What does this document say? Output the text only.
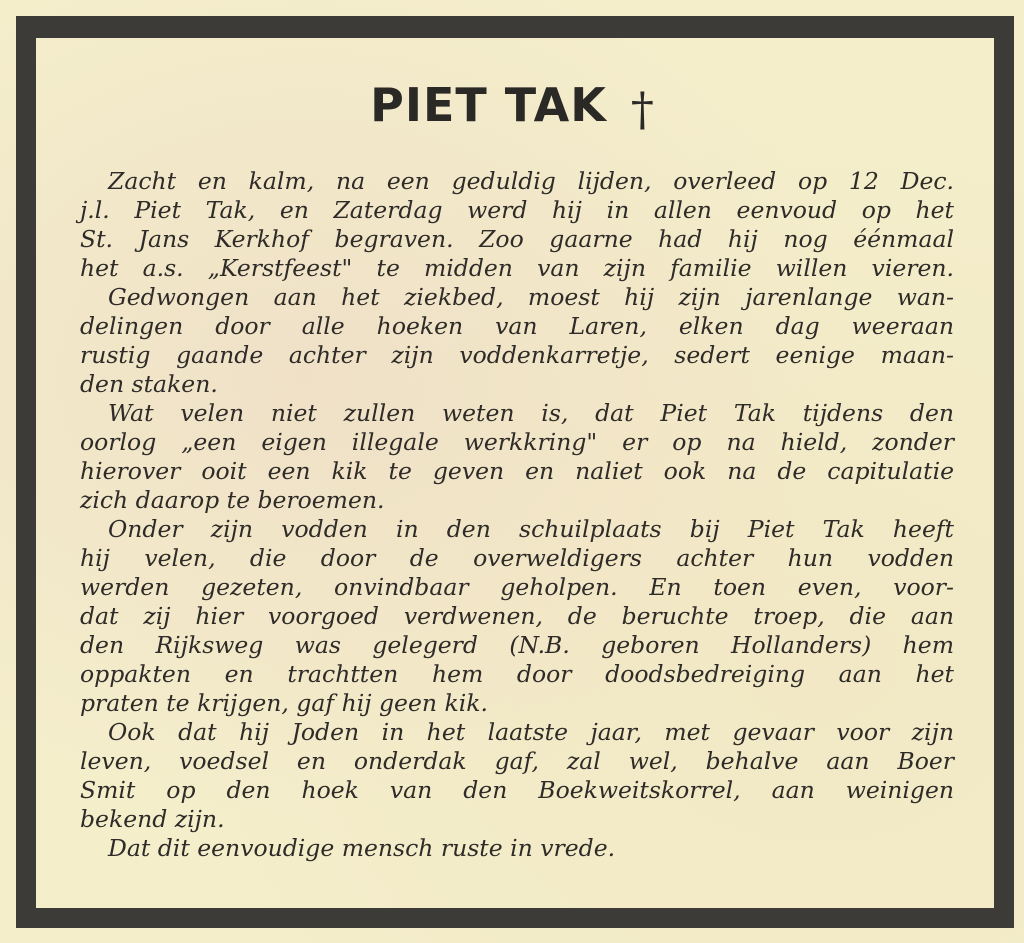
PIET TAK †
Zacht en kalm, na een geduldig lijden, overleed op 12 Dec.
j.l. Piet Tak, en Zaterdag werd hij in allen eenvoud op het
St. Jans Kerkhof begraven. Zoo gaarne had hij nog éénmaal
het a.s. „Kerstfeest" te midden van zijn familie willen vieren.
Gedwongen aan het ziekbed, moest hij zijn jarenlange wan-
delingen door alle hoeken van Laren, elken dag weeraan
rustig gaande achter zijn voddenkarretje, sedert eenige maan-
den staken.
Wat velen niet zullen weten is, dat Piet Tak tijdens den
oorlog „een eigen illegale werkkring" er op na hield, zonder
hierover ooit een kik te geven en naliet ook na de capitulatie
zich daarop te beroemen.
Onder zijn vodden in den schuilplaats bij Piet Tak heeft
hij velen, die door de overweldigers achter hun vodden
werden gezeten, onvindbaar geholpen. En toen even, voor-
dat zij hier voorgoed verdwenen, de beruchte troep, die aan
den Rijksweg was gelegerd (N.B. geboren Hollanders) hem
oppakten en trachtten hem door doodsbedreiging aan het
praten te krijgen, gaf hij geen kik.
Ook dat hij Joden in het laatste jaar, met gevaar voor zijn
leven, voedsel en onderdak gaf, zal wel, behalve aan Boer
Smit op den hoek van den Boekweitskorrel, aan weinigen
bekend zijn.
Dat dit eenvoudige mensch ruste in vrede.
